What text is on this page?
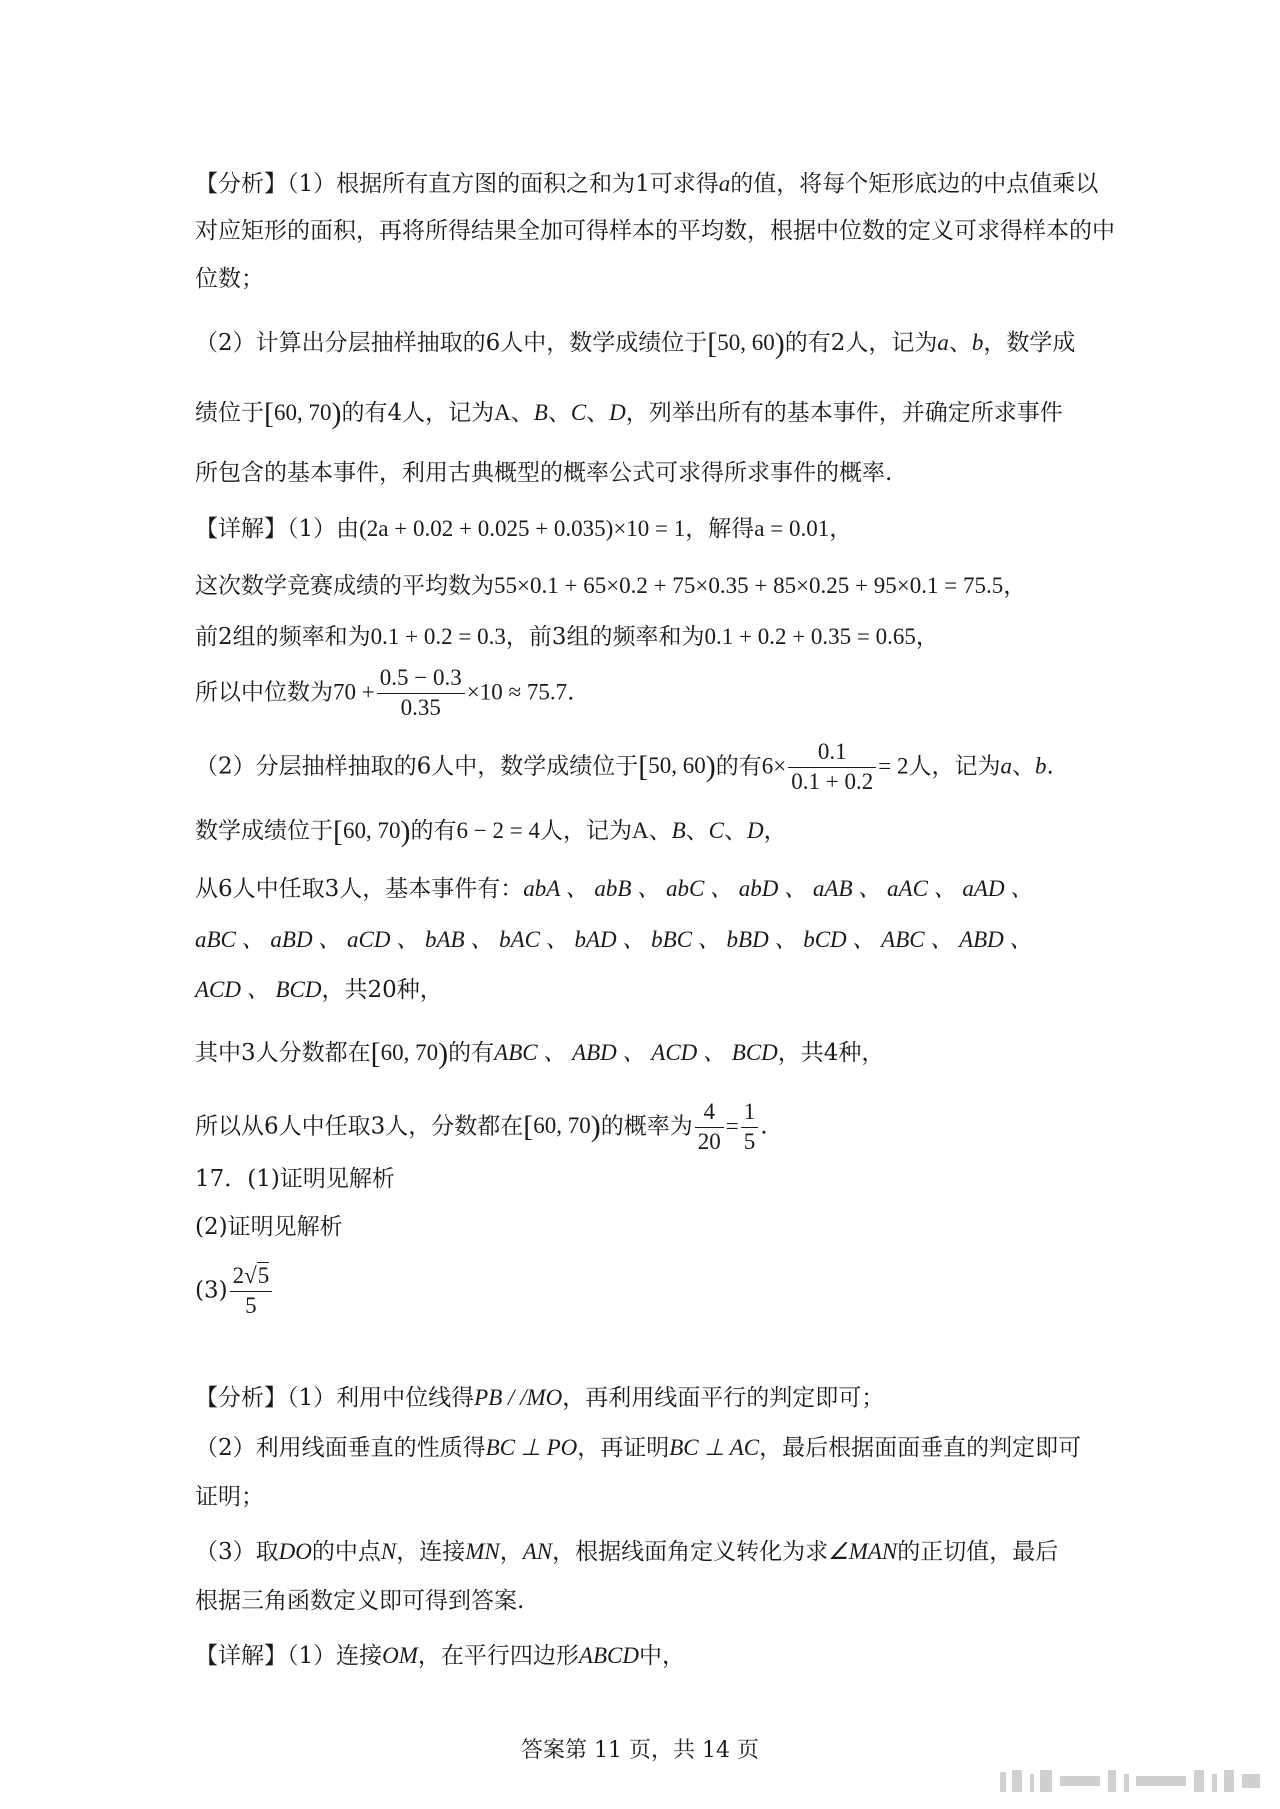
【分析】（1）根据所有直方图的面积之和为1可求得a的值，将每个矩形底边的中点值乘以
对应矩形的面积，再将所得结果全加可得样本的平均数，根据中位数的定义可求得样本的中
位数；
（2）计算出分层抽样抽取的6人中，数学成绩位于[50, 60)的有2人，记为a、b，数学成
绩位于[60, 70)的有4人，记为A、B、C、D，列举出所有的基本事件，并确定所求事件
所包含的基本事件，利用古典概型的概率公式可求得所求事件的概率.
【详解】（1）由(2a + 0.02 + 0.025 + 0.035)×10 = 1，解得a = 0.01，
这次数学竞赛成绩的平均数为55×0.1 + 65×0.2 + 75×0.35 + 85×0.25 + 95×0.1 = 75.5，
前2组的频率和为0.1 + 0.2 = 0.3，前3组的频率和为0.1 + 0.2 + 0.35 = 0.65，
所以中位数为$70 + \frac{0.5 - 0.3}{0.35} \times 10 \approx 75.7$.
（2）分层抽样抽取的6人中，数学成绩位于[50, 60)的有$6\times \frac{0.1}{0.1 + 0.2} = 2$人，记为a、b.
数学成绩位于[60, 70)的有6 − 2 = 4人，记为A、B、C、D，
从6人中任取3人，基本事件有：abA 、 abB 、 abC 、 abD 、 aAB 、 aAC 、 aAD 、
aBC 、 aBD 、 aCD 、 bAB 、 bAC 、 bAD 、 bBC 、 bBD 、 bCD 、 ABC 、 ABD 、
ACD 、 BCD，共20种，
其中3人分数都在[60, 70)的有ABC 、 ABD 、 ACD 、 BCD，共4种，
所以从6人中任取3人，分数都在[60, 70)的概率为 $\frac{4}{20} = \frac{1}{5}$ .
17．(1)证明见解析
(2)证明见解析
$(3) \frac{2√5}{5}$
【分析】（1）利用中位线得PB / /MO，再利用线面平行的判定即可；
（2）利用线面垂直的性质得BC ⊥ PO，再证明BC ⊥ AC，最后根据面面垂直的判定即可
证明；
（3）取DO的中点N，连接MN，AN，根据线面角定义转化为求∠MAN的正切值，最后
根据三角函数定义即可得到答案.
【详解】（1）连接OM，在平行四边形ABCD中，
答案第 11 页，共 14 页
